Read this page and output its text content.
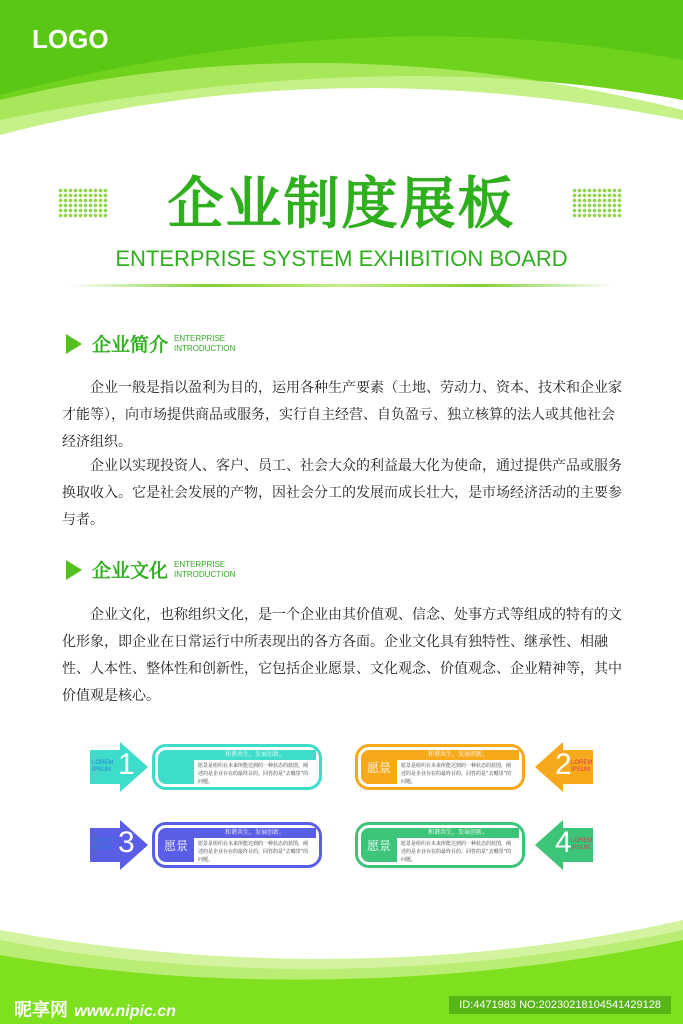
LOGO
企业制度展板
ENTERPRISE SYSTEM EXHIBITION BOARD
企业简介 ENTERPRISE
INTRODUCTION
企业一般是指以盈利为目的，运用各种生产要素（土地、劳动力、资本、技术和企业家才能等），向市场提供商品或服务，实行自主经营、自负盈亏、独立核算的法人或其他社会经济组织。
企业以实现投资人、客户、员工、社会大众的利益最大化为使命，通过提供产品或服务换取收入。它是社会发展的产物，因社会分工的发展而成长壮大，是市场经济活动的主要参与者。
企业文化 ENTERPRISE
INTRODUCTION
企业文化，也称组织文化，是一个企业由其价值观、信念、处事方式等组成的特有的文化形象，即企业在日常运行中所表现出的各方各面。企业文化具有独特性、继承性、相融性、人本性、整体性和创新性，它包括企业愿景、文化观念、价值观念、企业精神等，其中价值观是核心。
1
LOREM
IPSUM
和谐共生，发展创新。
愿景是组织在未来所能达到的一种状态的蓝图，阐述的是企业存在的最终目的。回答的是“去哪里”的问题。
2 LOREM
IPSUM
愿景
和谐共生，发展创新。
愿景是组织在未来所能达到的一种状态的蓝图，阐述的是企业存在的最终目的。回答的是“去哪里”的问题。
3
LOREM
IPSUM	愿景
和谐共生，发展创新。
愿景是组织在未来所能达到的一种状态的蓝图，阐述的是企业存在的最终目的。回答的是“去哪里”的问题。
4 LOREM
IPSUM
愿景
和谐共生，发展创新。
愿景是组织在未来所能达到的一种状态的蓝图，阐述的是企业存在的最终目的。回答的是“去哪里”的问题。
昵享网 www.nipic.cn	ID:4471983 NO:20230218104541429128
